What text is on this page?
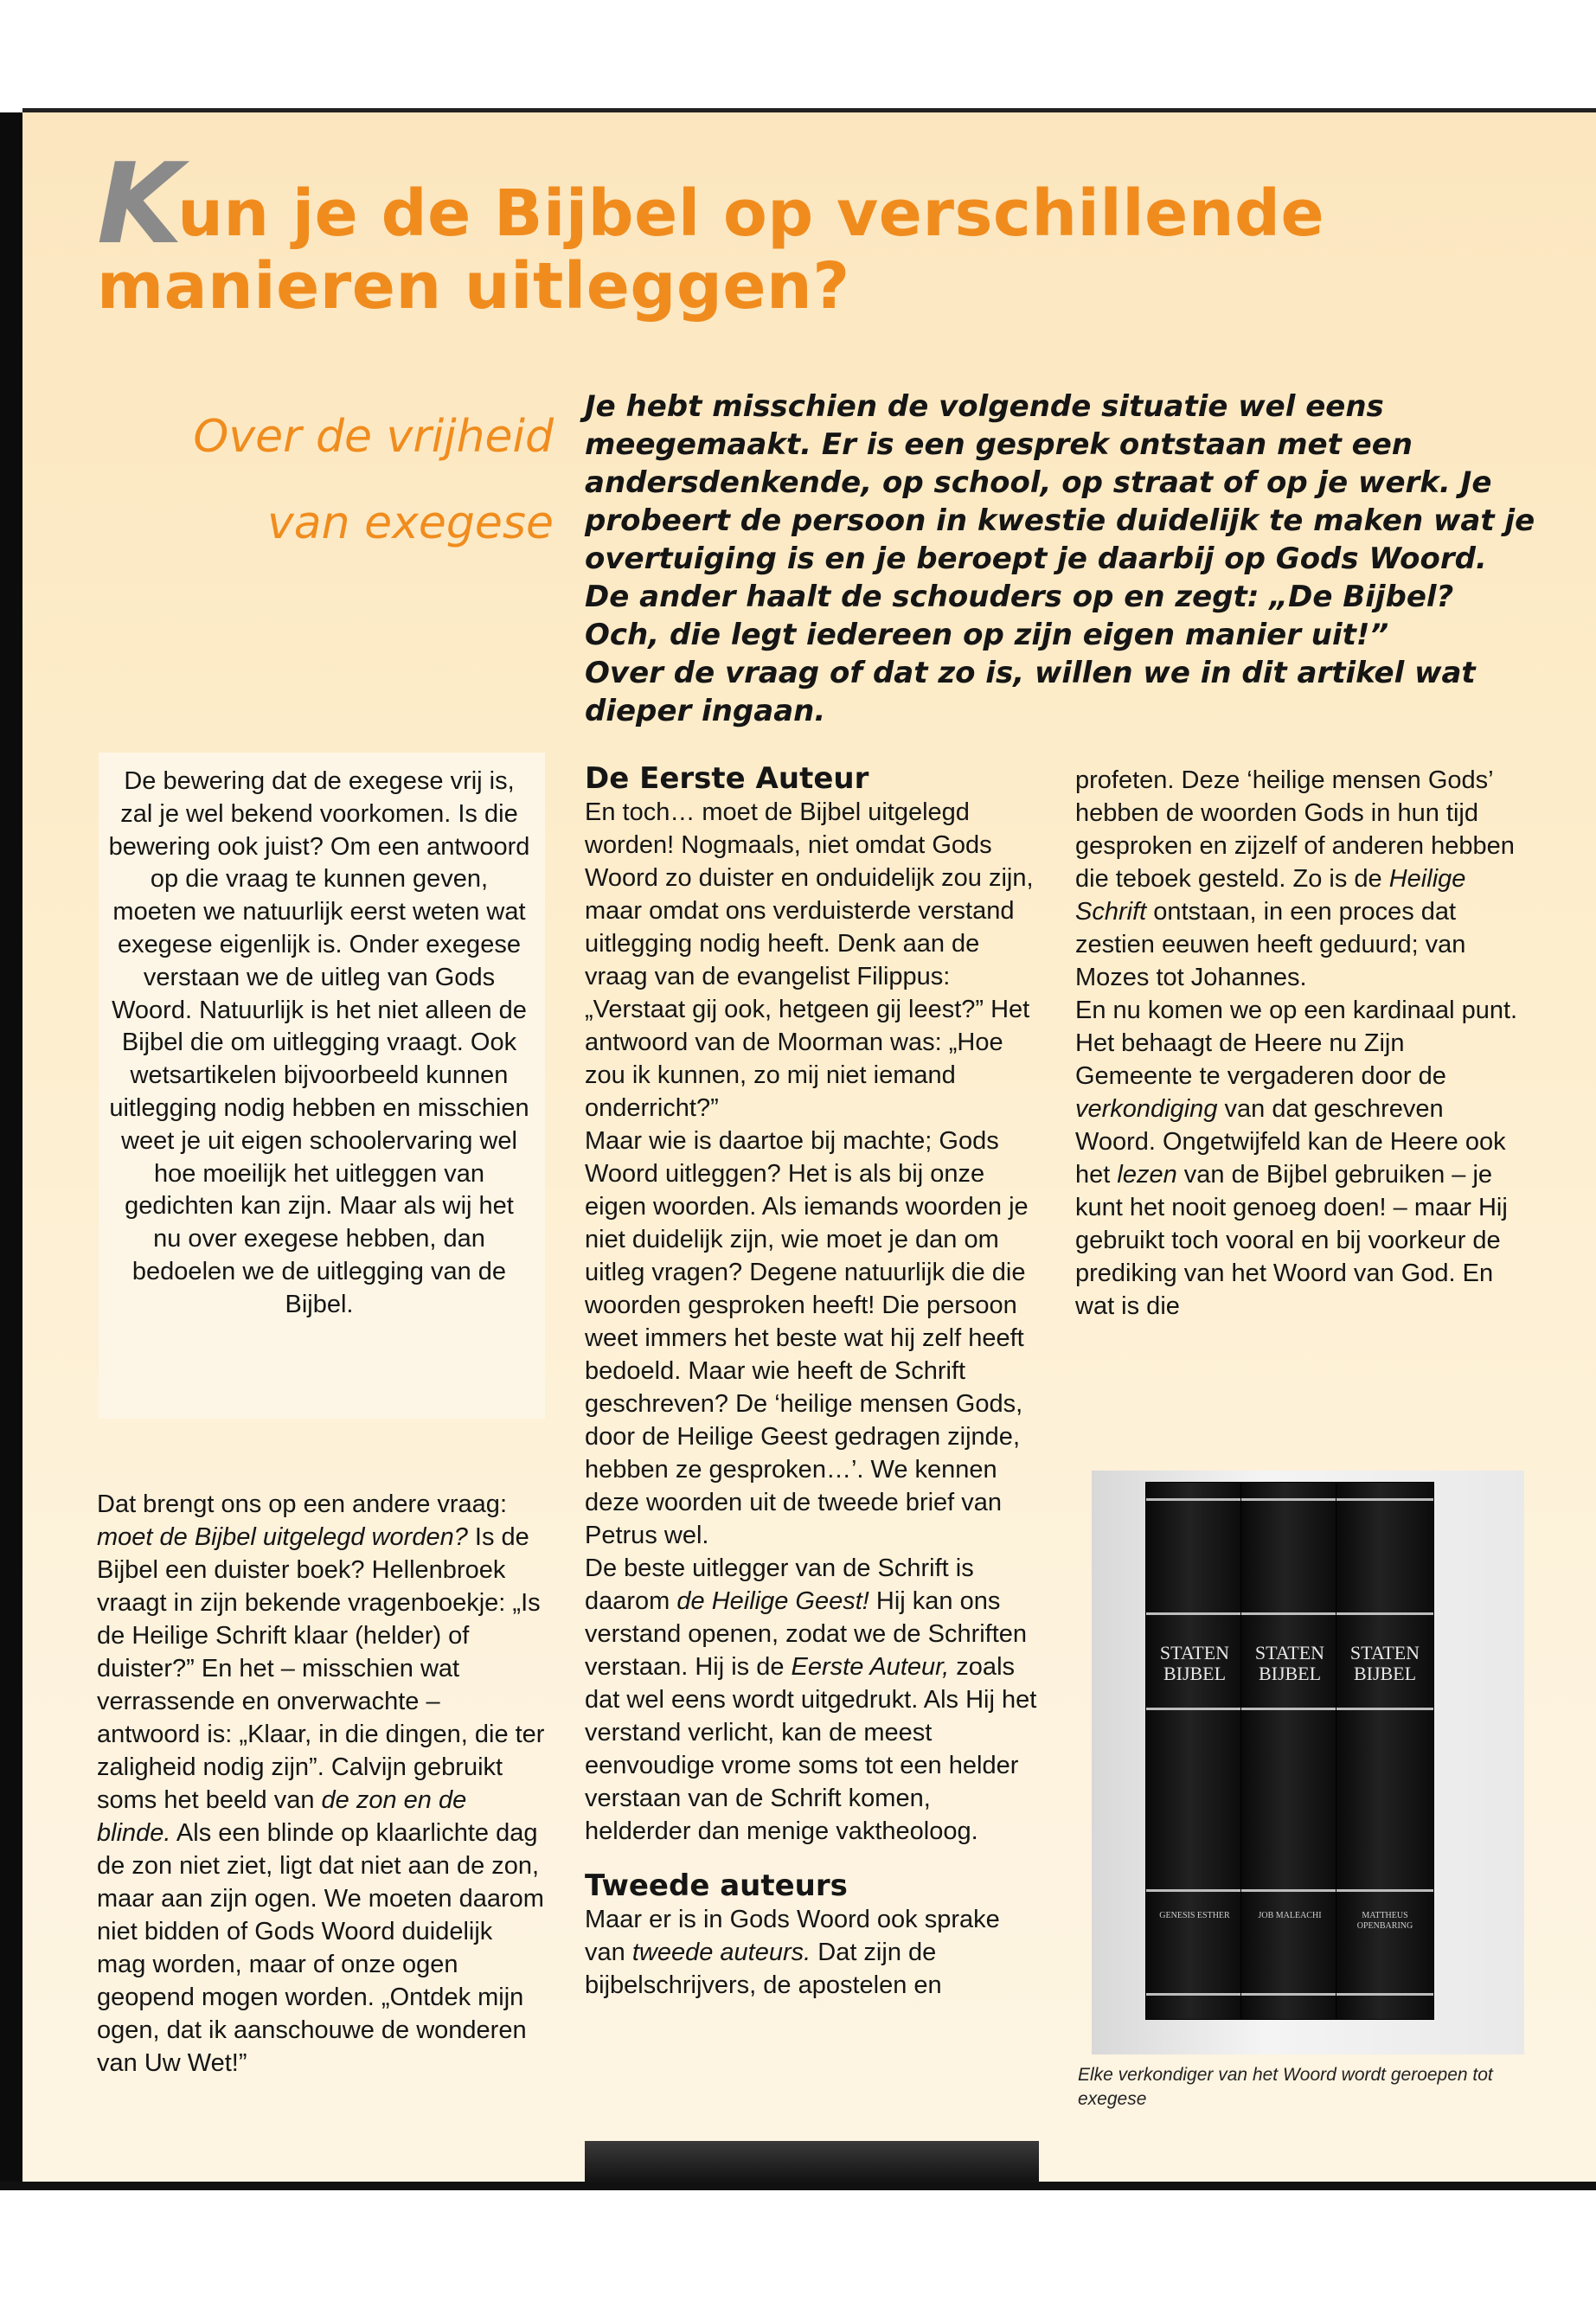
Kun je de Bijbel op verschillende manieren uitleggen?
Over de vrijheid
van exegese

Je hebt misschien de volgende situatie wel eens meegemaakt. Er is een gesprek ontstaan met een andersdenkende, op school, op straat of op je werk. Je probeert de persoon in kwestie duidelijk te maken wat je overtuiging is en je beroept je daarbij op Gods Woord. De ander haalt de schouders op en zegt: „De Bijbel? Och, die legt iedereen op zijn eigen manier uit!”

Over de vraag of dat zo is, willen we in dit artikel wat dieper ingaan.

De bewering dat de exegese vrij is, zal je wel bekend voorkomen. Is die bewering ook juist? Om een antwoord op die vraag te kunnen geven, moeten we natuurlijk eerst weten wat exegese eigenlijk is. Onder exegese verstaan we de uitleg van Gods Woord. Natuurlijk is het niet alleen de Bijbel die om uitlegging vraagt. Ook wetsartikelen bijvoorbeeld kunnen uitlegging nodig hebben en misschien weet je uit eigen schoolervaring wel hoe moeilijk het uitleggen van gedichten kan zijn. Maar als wij het nu over exegese hebben, dan bedoelen we de uitlegging van de Bijbel.

Dat brengt ons op een andere vraag: moet de Bijbel uitgelegd worden? Is de Bijbel een duister boek? Hellenbroek vraagt in zijn bekende vragenboekje: „Is de Heilige Schrift klaar (helder) of duister?” En het – misschien wat verrassende en onverwachte – antwoord is: „Klaar, in die dingen, die ter zaligheid nodig zijn”. Calvijn gebruikt soms het beeld van de zon en de blinde. Als een blinde op klaarlichte dag de zon niet ziet, ligt dat niet aan de zon, maar aan zijn ogen. We moeten daarom niet bidden of Gods Woord duidelijk mag worden, maar of onze ogen geopend mogen worden. „Ontdek mijn ogen, dat ik aanschouwe de wonderen van Uw Wet!”

De Eerste Auteur

En toch… moet de Bijbel uitgelegd worden! Nogmaals, niet omdat Gods Woord zo duister en onduidelijk zou zijn, maar omdat ons verduisterde verstand uitlegging nodig heeft. Denk aan de vraag van de evangelist Filippus: „Verstaat gij ook, hetgeen gij leest?” Het antwoord van de Moorman was: „Hoe zou ik kunnen, zo mij niet iemand onderricht?”

Maar wie is daartoe bij machte; Gods Woord uitleggen? Het is als bij onze eigen woorden. Als iemands woorden je niet duidelijk zijn, wie moet je dan om uitleg vragen? Degene natuurlijk die die woorden gesproken heeft! Die persoon weet immers het beste wat hij zelf heeft bedoeld. Maar wie heeft de Schrift geschreven? De ‘heilige mensen Gods, door de Heilige Geest gedragen zijnde, hebben ze gesproken…’. We kennen deze woorden uit de tweede brief van Petrus wel.

De beste uitlegger van de Schrift is daarom de Heilige Geest! Hij kan ons verstand openen, zodat we de Schriften verstaan. Hij is de Eerste Auteur, zoals dat wel eens wordt uitgedrukt. Als Hij het verstand verlicht, kan de meest eenvoudige vrome soms tot een helder verstaan van de Schrift komen, helderder dan menige vaktheoloog.

Tweede auteurs

Maar er is in Gods Woord ook sprake van tweede auteurs. Dat zijn de bijbelschrijvers, de apostelen en

profeten. Deze ‘heilige mensen Gods’ hebben de woorden Gods in hun tijd gesproken en zijzelf of anderen hebben die teboek gesteld. Zo is de Heilige Schrift ontstaan, in een proces dat zestien eeuwen heeft geduurd; van Mozes tot Johannes.

En nu komen we op een kardinaal punt. Het behaagt de Heere nu Zijn Gemeente te vergaderen door de verkondiging van dat geschreven Woord. Ongetwijfeld kan de Heere ook het lezen van de Bijbel gebruiken – je kunt het nooit genoeg doen! – maar Hij gebruikt toch vooral en bij voorkeur de prediking van het Woord van God. En wat is die

STATEN BIJBEL
GENESIS ESTHER
STATEN BIJBEL
JOB MALEACHI
STATEN BIJBEL
MATTHEUS OPENBARING
Elke verkondiger van het Woord wordt geroepen tot exegese
